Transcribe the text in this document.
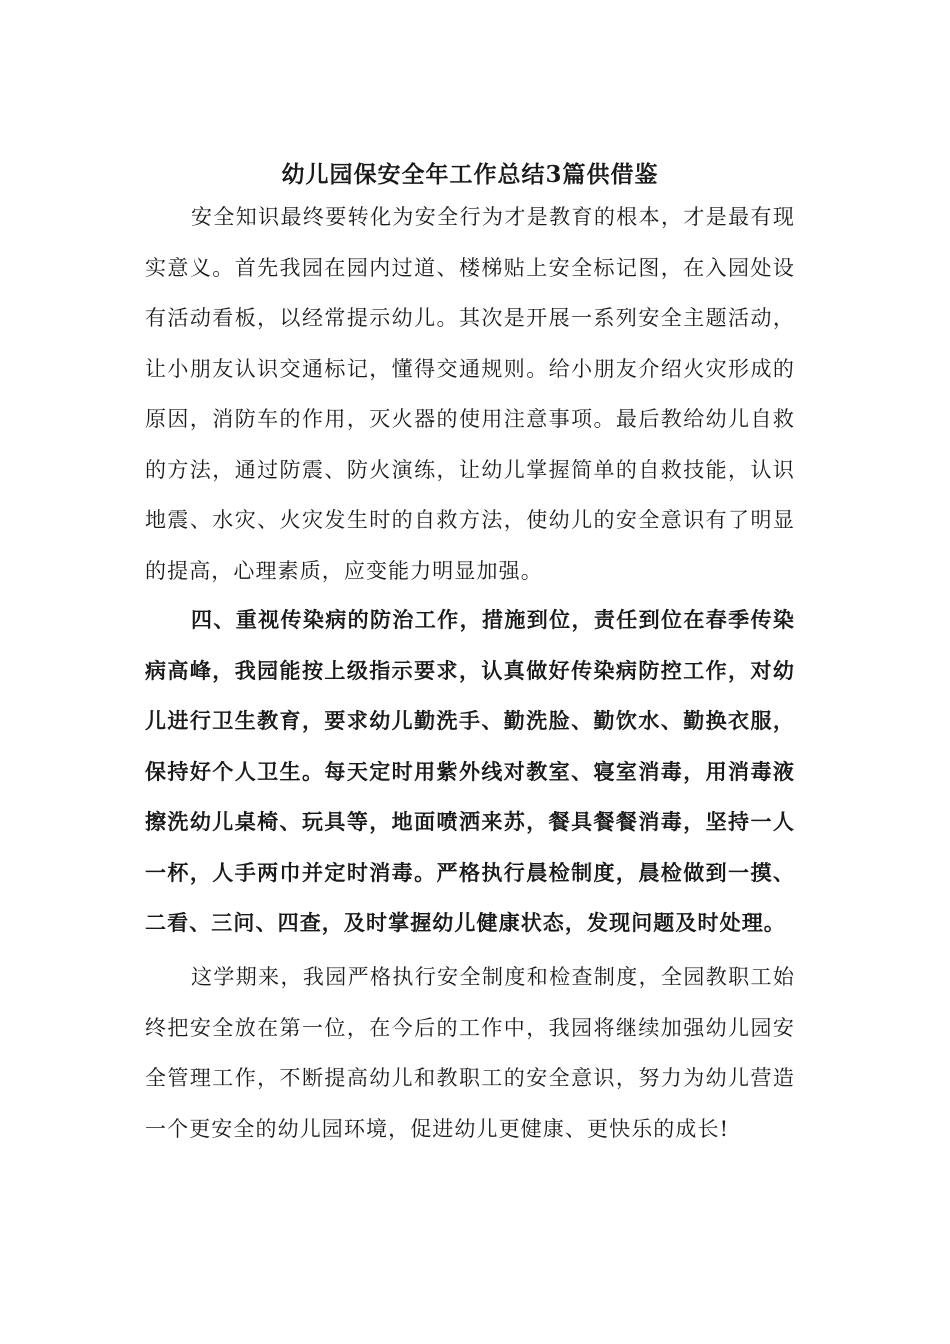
幼儿园保安全年工作总结3篇供借鉴

安全知识最终要转化为安全行为才是教育的根本，才是最有现实意义。首先我园在园内过道、楼梯贴上安全标记图，在入园处设有活动看板，以经常提示幼儿。其次是开展一系列安全主题活动，让小朋友认识交通标记，懂得交通规则。给小朋友介绍火灾形成的原因，消防车的作用，灭火器的使用注意事项。最后教给幼儿自救的方法，通过防震、防火演练，让幼儿掌握简单的自救技能，认识地震、水灾、火灾发生时的自救方法，使幼儿的安全意识有了明显的提高，心理素质，应变能力明显加强。

四、重视传染病的防治工作，措施到位，责任到位在春季传染病高峰，我园能按上级指示要求，认真做好传染病防控工作，对幼儿进行卫生教育，要求幼儿勤洗手、勤洗脸、勤饮水、勤换衣服，保持好个人卫生。每天定时用紫外线对教室、寝室消毒，用消毒液擦洗幼儿桌椅、玩具等，地面喷洒来苏，餐具餐餐消毒，坚持一人一杯，人手两巾并定时消毒。严格执行晨检制度，晨检做到一摸、二看、三问、四查，及时掌握幼儿健康状态，发现问题及时处理。

这学期来，我园严格执行安全制度和检查制度，全园教职工始终把安全放在第一位，在今后的工作中，我园将继续加强幼儿园安全管理工作，不断提高幼儿和教职工的安全意识，努力为幼儿营造一个更安全的幼儿园环境，促进幼儿更健康、更快乐的成长!
